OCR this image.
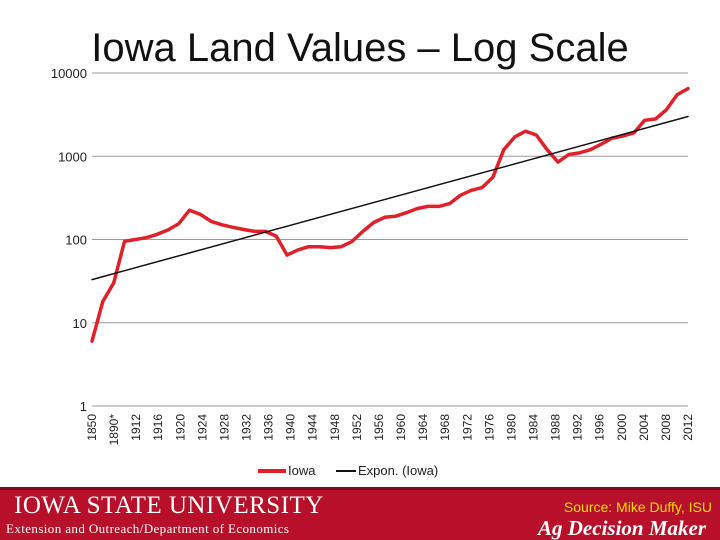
Iowa Land Values – Log Scale
10000
1000
100
10
1
1850 1890* 1912 1916 1920 1924 1928 1932 1936 1940 1944 1948 1952 1956 1960 1964 1968 1972 1976 1980 1984 1988 1992 1996 2000 2004 2008 2012
Iowa	Expon. (Iowa)
IOWA STATE UNIVERSITY
Extension and Outreach/Department of Economics
Source: Mike Duffy, ISU
Ag Decision Maker
